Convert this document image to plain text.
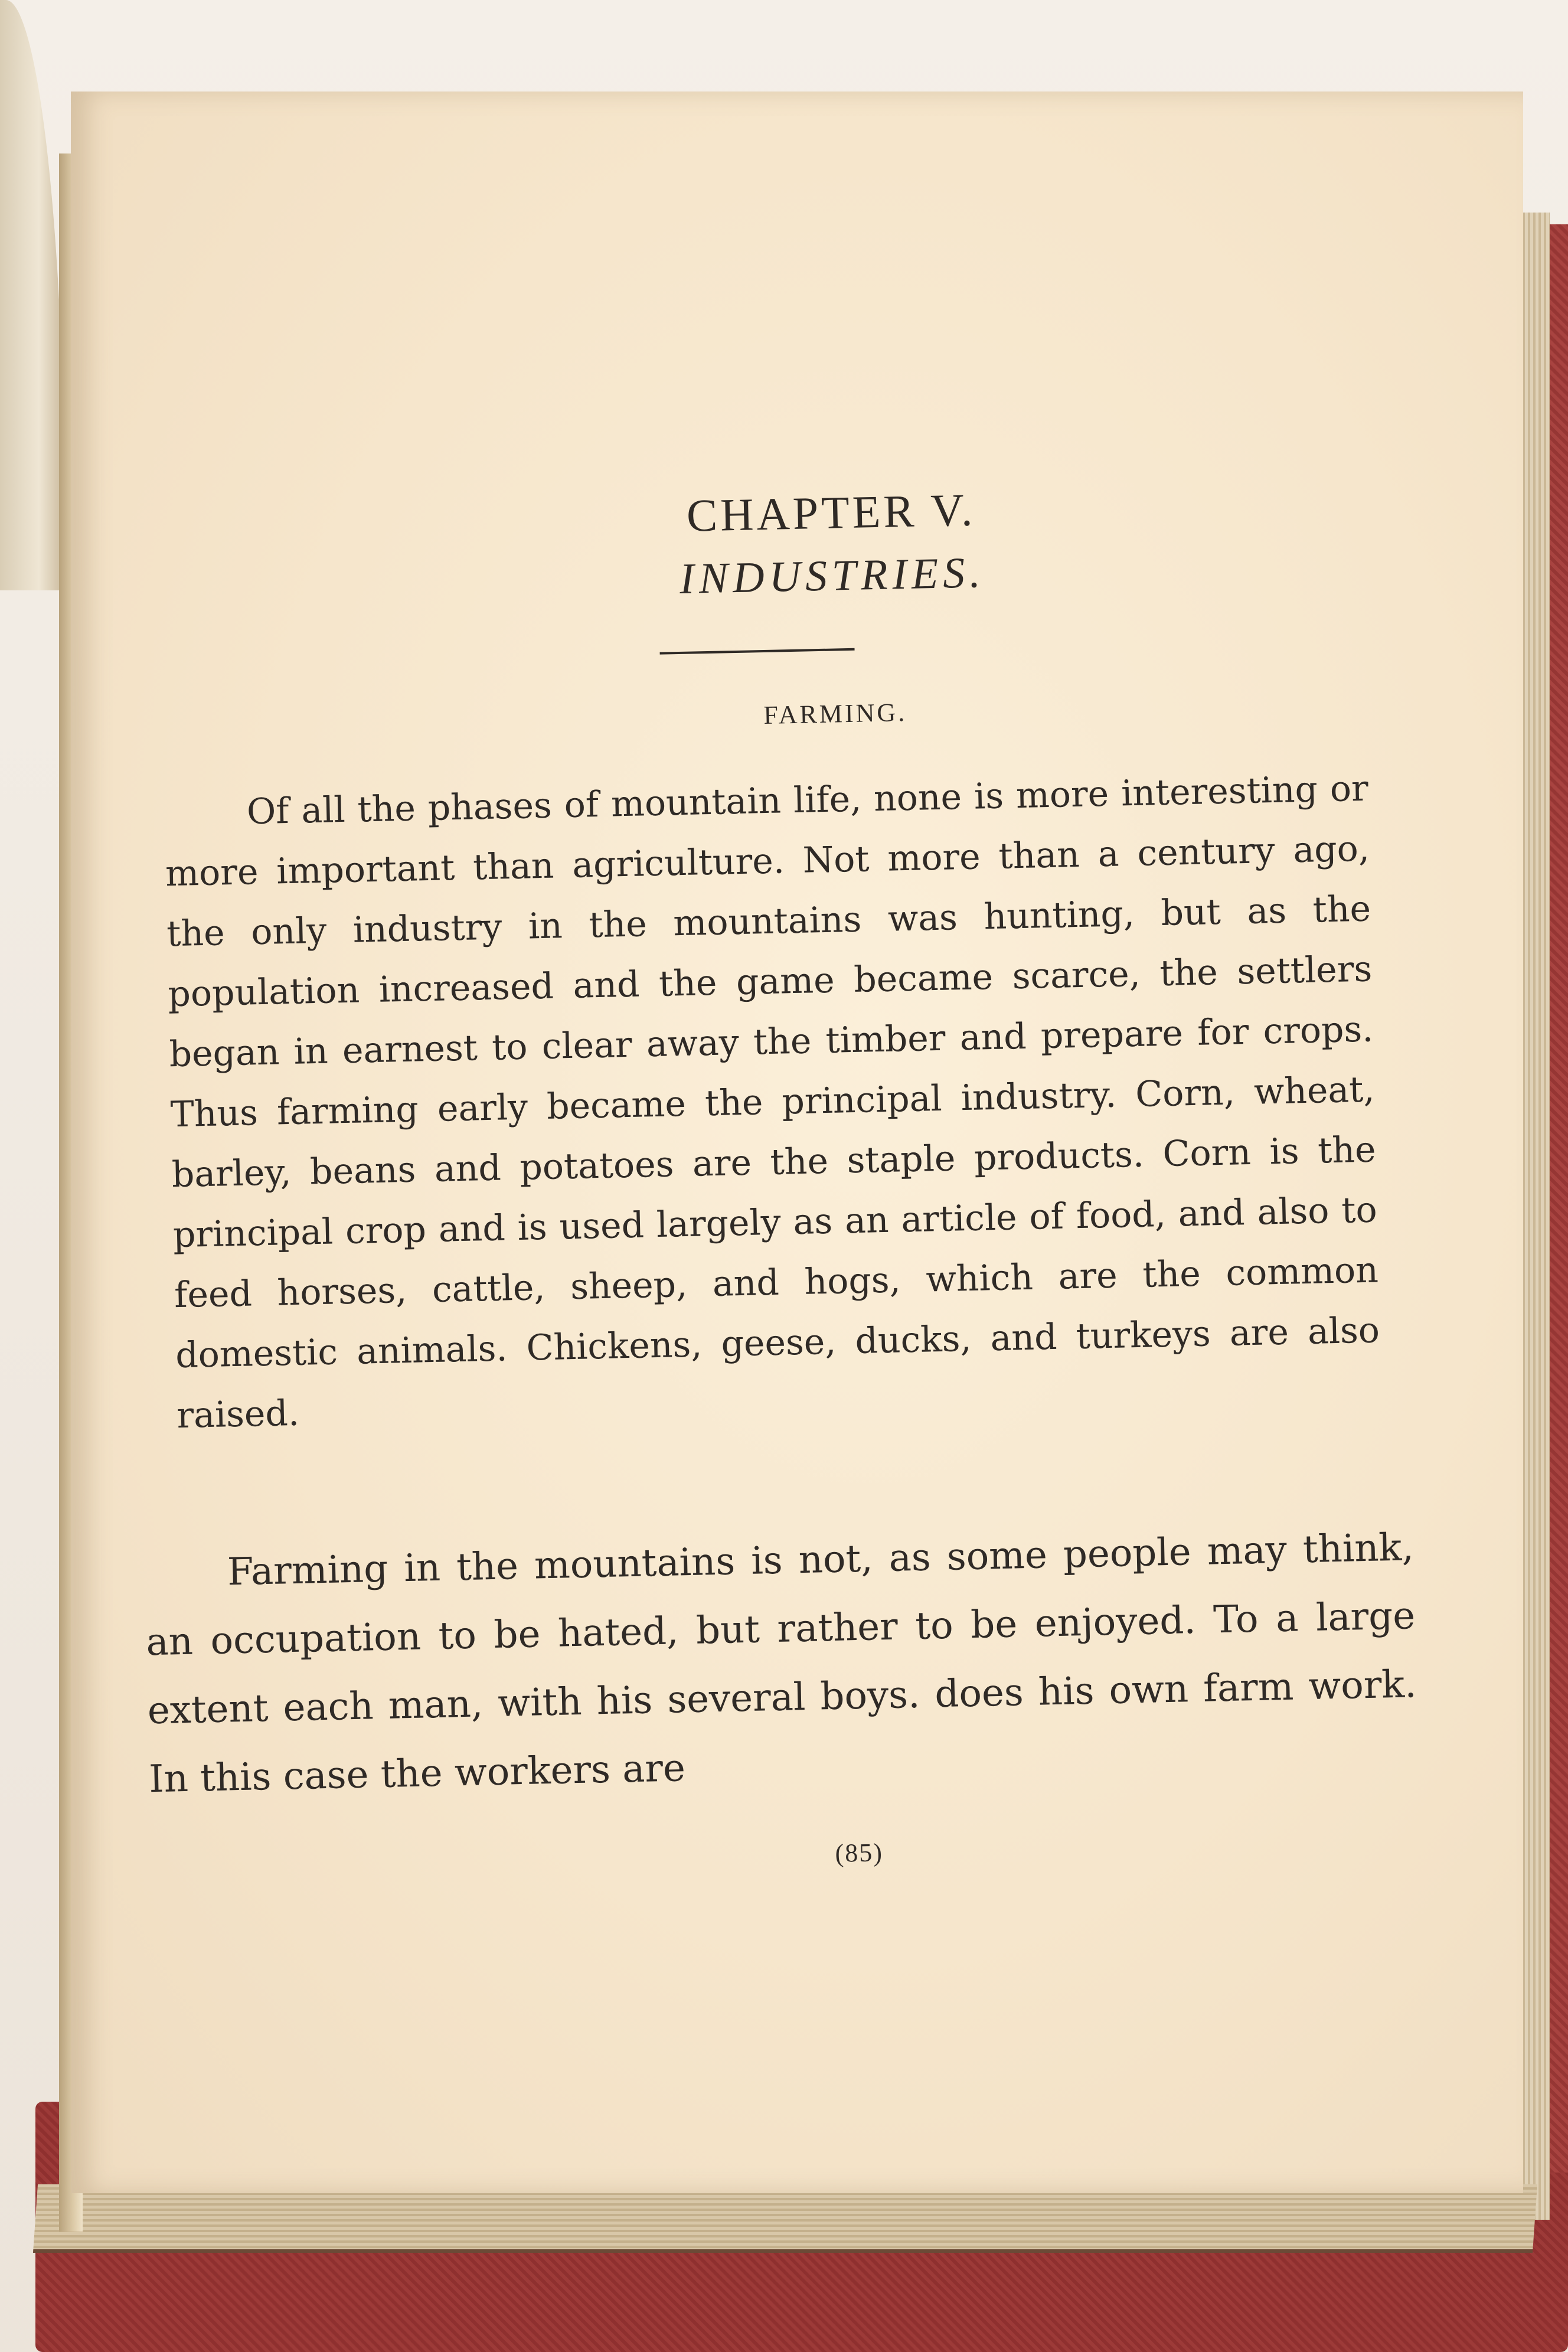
CHAPTER V.
INDUSTRIES.
FARMING.

Of all the phases of mountain life, none is more interesting or more important than agriculture. Not more than a century ago, the only industry in the mountains was hunting, but as the population increased and the game became scarce, the settlers began in earnest to clear away the timber and prepare for crops. Thus farming early became the principal industry. Corn, wheat, barley, beans and potatoes are the staple products. Corn is the principal crop and is used largely as an article of food, and also to feed horses, cattle, sheep, and hogs, which are the common domestic animals. Chickens, geese, ducks, and turkeys are also raised.

Farming in the mountains is not, as some people may think, an occupation to be hated, but rather to be enjoyed. To a large extent each man, with his several boys. does his own farm work. In this case the workers are

(85)
